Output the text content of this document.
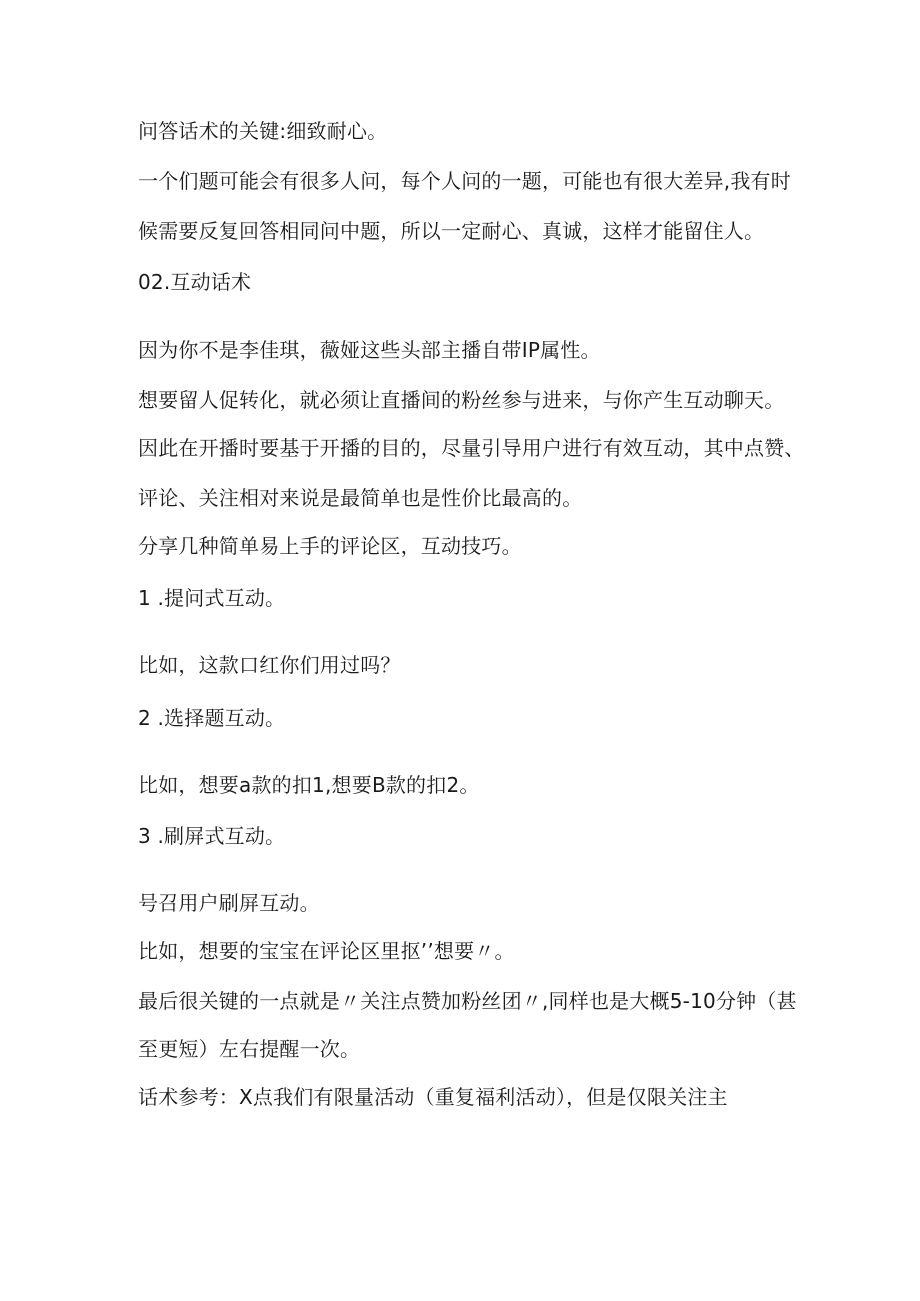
问答话术的关键:细致耐心。
一个们题可能会有很多人问，每个人问的一题，可能也有很大差异,我有时
候需要反复回答相同问中题，所以一定耐心、真诚，这样才能留住人。
02.互动话术
因为你不是李佳琪，薇娅这些头部主播自带IP属性。
想要留人促转化，就必须让直播间的粉丝参与进来，与你产生互动聊天。
因此在开播时要基于开播的目的，尽量引导用户进行有效互动，其中点赞、
评论、关注相对来说是最简单也是性价比最高的。
分享几种简单易上手的评论区，互动技巧。
1 .提问式互动。
比如，这款口红你们用过吗？
2 .选择题互动。
比如，想要a款的扣1,想要B款的扣2。
3 .刷屏式互动。
号召用户刷屏互动。
比如，想要的宝宝在评论区里抠’’想要〃。
最后很关键的一点就是〃关注点赞加粉丝团〃,同样也是大概5-10分钟（甚
至更短）左右提醒一次。
话术参考：X点我们有限量活动（重复福利活动），但是仅限关注主
